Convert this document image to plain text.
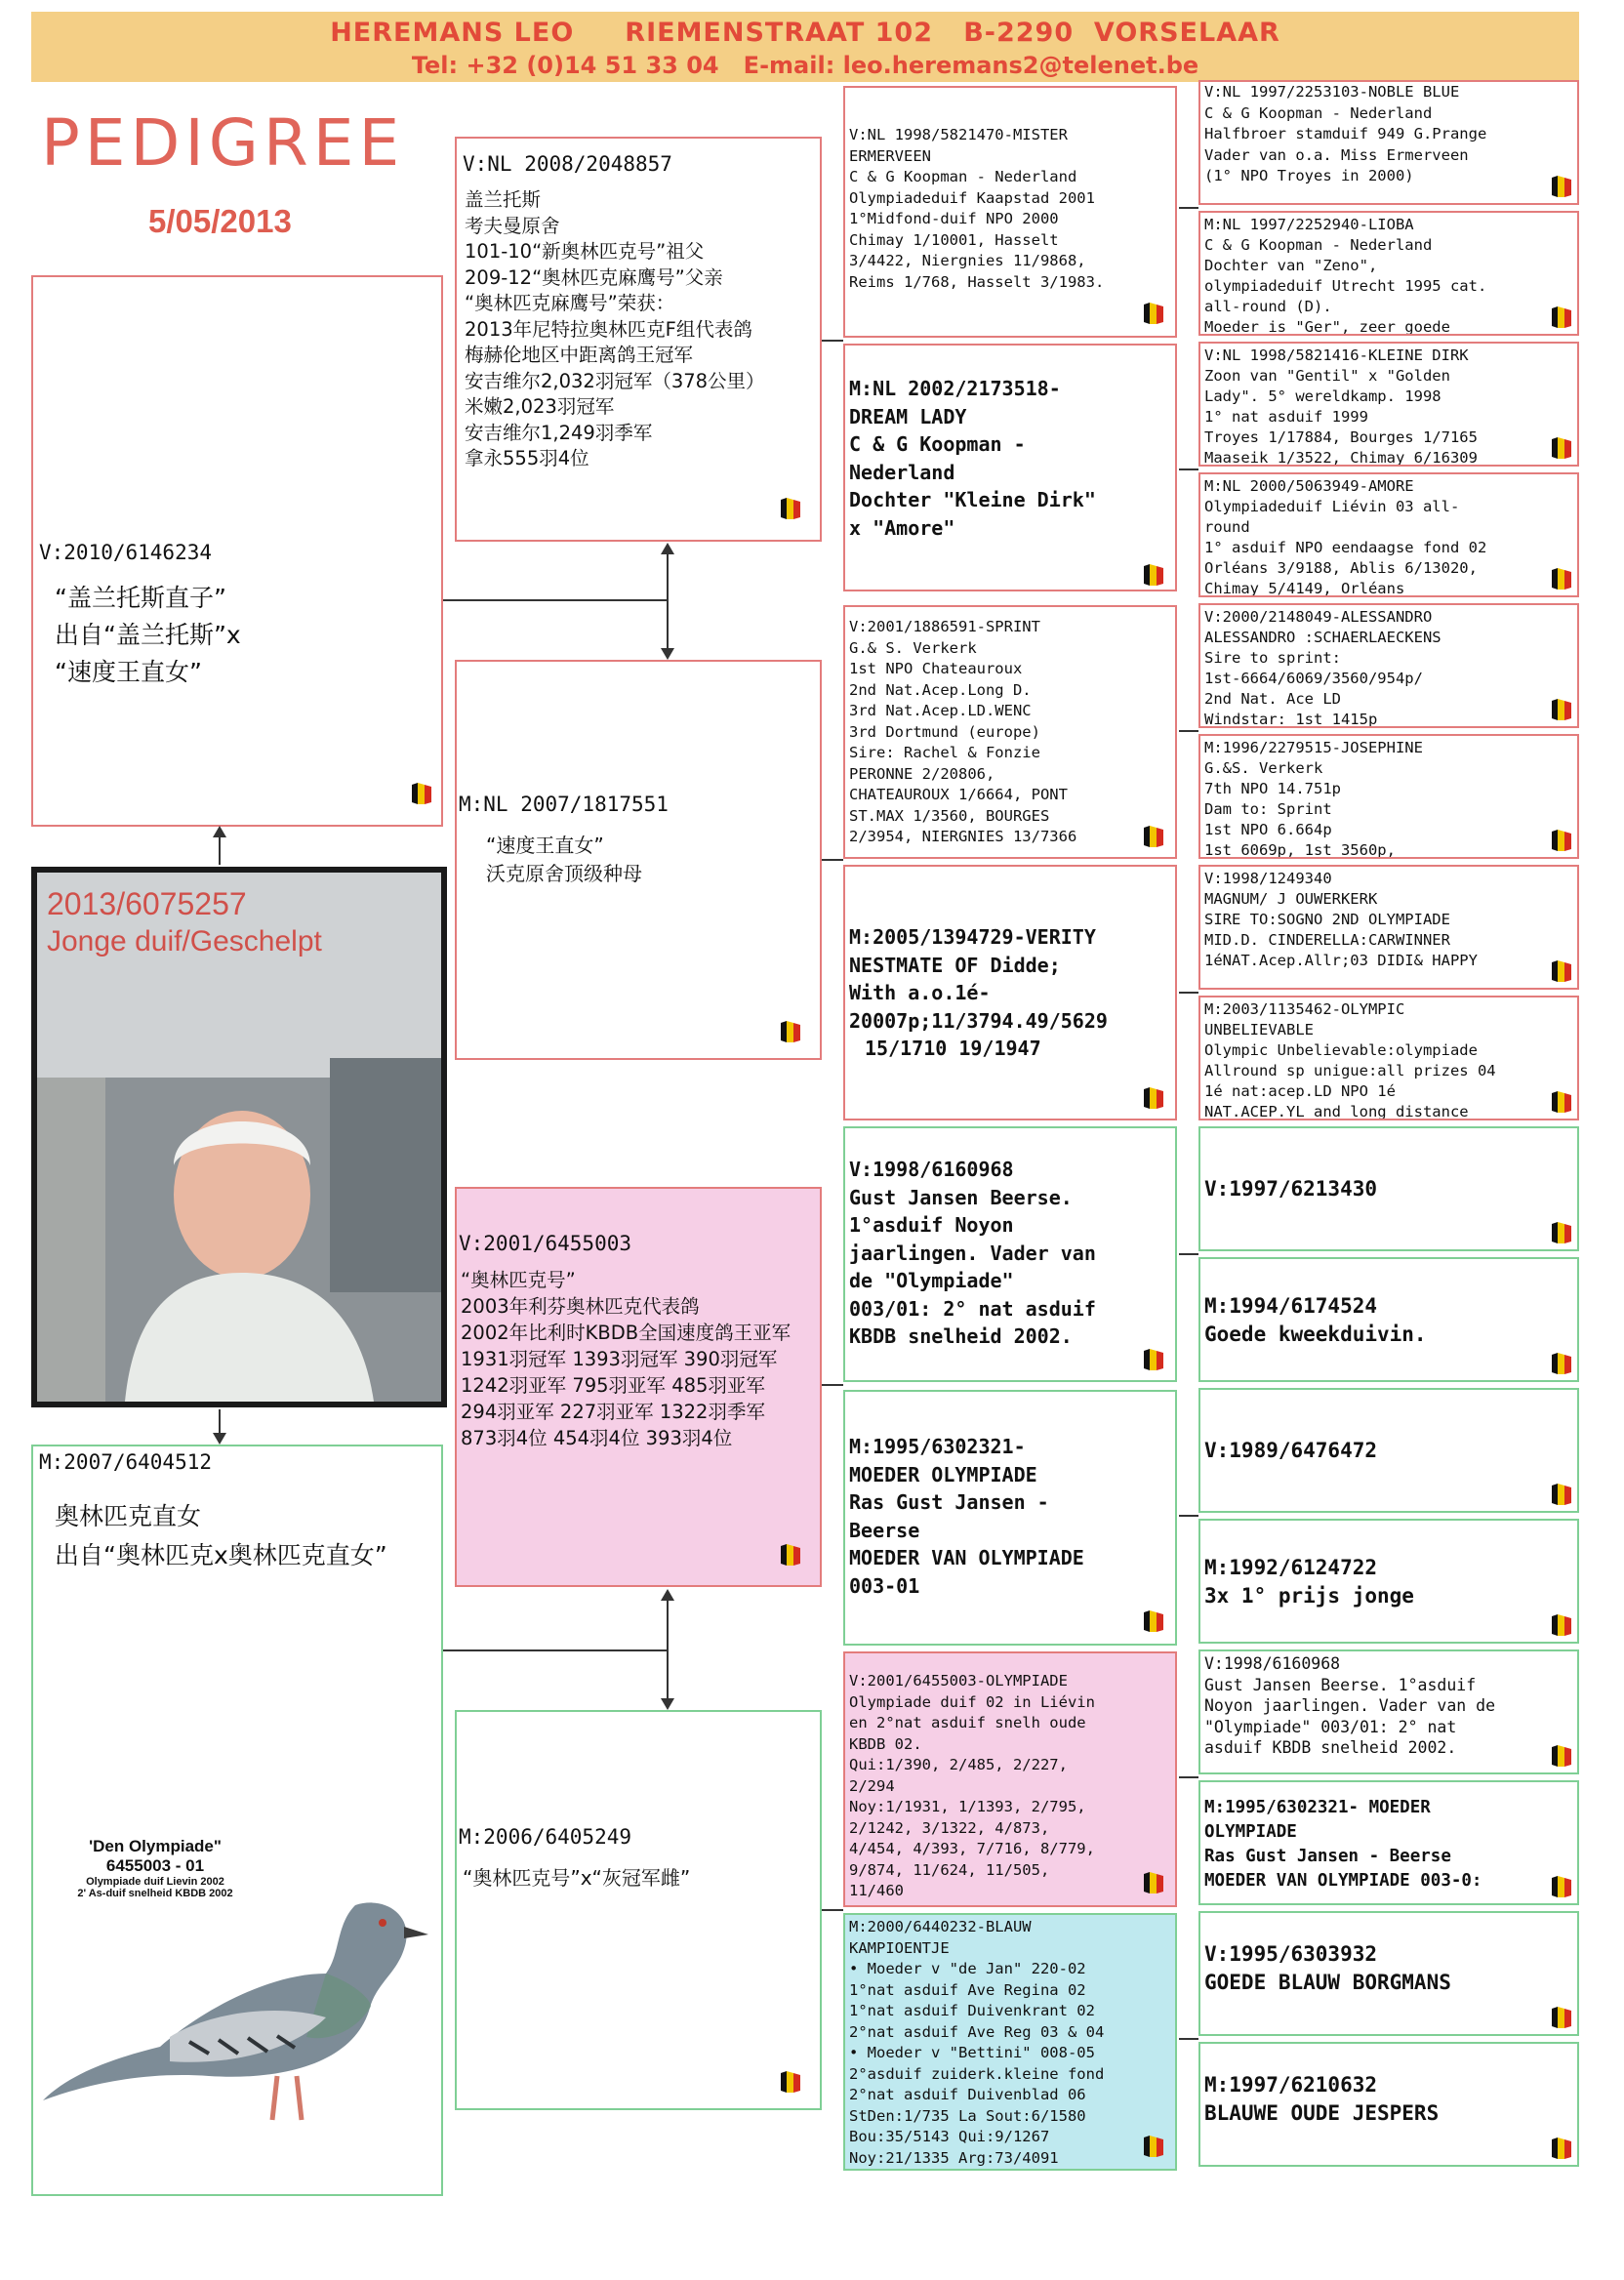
HEREMANS LEO     RIEMENSTRAAT 102   B-2290  VORSELAAR
Tel: +32 (0)14 51 33 04   E-mail: leo.heremans2@telenet.be
PEDIGREE
5/05/2013
V:2010/6146234
“盖兰托斯直子”
出自“盖兰托斯”x
“速度王直女”
2013/6075257
Jonge duif/Geschelpt
M:2007/6404512
奥林匹克直女
出自“奥林匹克x奥林匹克直女”
'Den Olympiade"
6455003 - 01
Olympiade duif Lievin 2002
2' As-duif snelheid KBDB 2002
V:NL 2008/2048857
盖兰托斯
考夫曼原舍
101-10“新奥林匹克号”祖父
209-12“奥林匹克麻鹰号”父亲
“奥林匹克麻鹰号”荣获：
2013年尼特拉奥林匹克F组代表鸽
梅赫伦地区中距离鸽王冠军
安吉维尔2,032羽冠军（378公里）
米嫩2,023羽冠军
安吉维尔1,249羽季军
拿永555羽4位
M:NL 2007/1817551
“速度王直女”
沃克原舍顶级种母
V:2001/6455003
“奥林匹克号”
2003年利芬奥林匹克代表鸽
2002年比利时KBDB全国速度鸽王亚军
1931羽冠军 1393羽冠军 390羽冠军
1242羽亚军 795羽亚军 485羽亚军
294羽亚军 227羽亚军 1322羽季军
873羽4位 454羽4位 393羽4位
M:2006/6405249
“奥林匹克号”x“灰冠军雌”
V:NL 1998/5821470-MISTER
ERMERVEEN
C & G Koopman - Nederland
Olympiadeduif Kaapstad 2001
1°Midfond-duif NPO 2000
Chimay 1/10001, Hasselt
3/4422, Niergnies 11/9868,
Reims 1/768, Hasselt 3/1983.
M:NL 2002/2173518-
DREAM LADY
C & G Koopman -
Nederland
Dochter "Kleine Dirk"
x "Amore"
V:2001/1886591-SPRINT
G.& S. Verkerk
1st NPO Chateauroux
2nd Nat.Acep.Long D.
3rd Nat.Acep.LD.WENC
3rd Dortmund (europe)
Sire: Rachel & Fonzie
PERONNE 2/20806,
CHATEAUROUX 1/6664, PONT
ST.MAX 1/3560, BOURGES
2/3954, NIERGNIES 13/7366
M:2005/1394729-VERITY
NESTMATE OF Didde;
With a.o.1é-
20007p;11/3794.49/5629
15/1710 19/1947
V:1998/6160968
Gust Jansen Beerse.
1°asduif Noyon
jaarlingen. Vader van
de "Olympiade"
003/01: 2° nat asduif
KBDB snelheid 2002.
M:1995/6302321-
MOEDER OLYMPIADE
Ras Gust Jansen -
Beerse
MOEDER VAN OLYMPIADE
003-01
V:2001/6455003-OLYMPIADE
Olympiade duif 02 in Liévin
en 2°nat asduif snelh oude
KBDB 02.
Qui:1/390, 2/485, 2/227,
2/294
Noy:1/1931, 1/1393, 2/795,
2/1242, 3/1322, 4/873,
4/454, 4/393, 7/716, 8/779,
9/874, 11/624, 11/505,
11/460
M:2000/6440232-BLAUW
KAMPIOENTJE
• Moeder v "de Jan" 220-02
1°nat asduif Ave Regina 02
1°nat asduif Duivenkrant 02
2°nat asduif Ave Reg 03 & 04
• Moeder v "Bettini" 008-05
2°asduif zuiderk.kleine fond
2°nat asduif Duivenblad 06
StDen:1/735 La Sout:6/1580
Bou:35/5143 Qui:9/1267
Noy:21/1335 Arg:73/4091
V:NL 1997/2253103-NOBLE BLUE
C & G Koopman - Nederland
Halfbroer stamduif 949 G.Prange
Vader van o.a. Miss Ermerveen
(1° NPO Troyes in 2000)
M:NL 1997/2252940-LIOBA
C & G Koopman - Nederland
Dochter van "Zeno",
olympiadeduif Utrecht 1995 cat.
all-round (D).
Moeder is "Ger", zeer goede
V:NL 1998/5821416-KLEINE DIRK
Zoon van "Gentil" x "Golden
Lady". 5° wereldkamp. 1998
1° nat asduif 1999
Troyes 1/17884, Bourges 1/7165
Maaseik 1/3522, Chimay 6/16309
M:NL 2000/5063949-AMORE
Olympiadeduif Liévin 03 all-
round
1° asduif NPO eendaagse fond 02
Orléans 3/9188, Ablis 6/13020,
Chimay 5/4149, Orléans
V:2000/2148049-ALESSANDRO
ALESSANDRO :SCHAERLAECKENS
Sire to sprint:
1st-6664/6069/3560/954p/
2nd Nat. Ace LD
Windstar: 1st 1415p
M:1996/2279515-JOSEPHINE
G.&S. Verkerk
7th NPO 14.751p
Dam to: Sprint
1st NPO 6.664p
1st 6069p, 1st 3560p,
V:1998/1249340
MAGNUM/ J OUWERKERK
SIRE TO:SOGNO 2ND OLYMPIADE
MID.D. CINDERELLA:CARWINNER
1éNAT.Acep.Allr;03 DIDI& HAPPY
M:2003/1135462-OLYMPIC
UNBELIEVABLE
Olympic Unbelievable:olympiade
Allround sp unigue:all prizes 04
1é nat:acep.LD NPO 1é
NAT.ACEP.YL and long distance
V:1997/6213430
M:1994/6174524
Goede kweekduivin.
V:1989/6476472
M:1992/6124722
3x 1° prijs jonge
V:1998/6160968
Gust Jansen Beerse. 1°asduif
Noyon jaarlingen. Vader van de
"Olympiade" 003/01: 2° nat
asduif KBDB snelheid 2002.
M:1995/6302321- MOEDER
OLYMPIADE
Ras Gust Jansen - Beerse
MOEDER VAN OLYMPIADE 003-0:
V:1995/6303932
GOEDE BLAUW BORGMANS
M:1997/6210632
BLAUWE OUDE JESPERS
